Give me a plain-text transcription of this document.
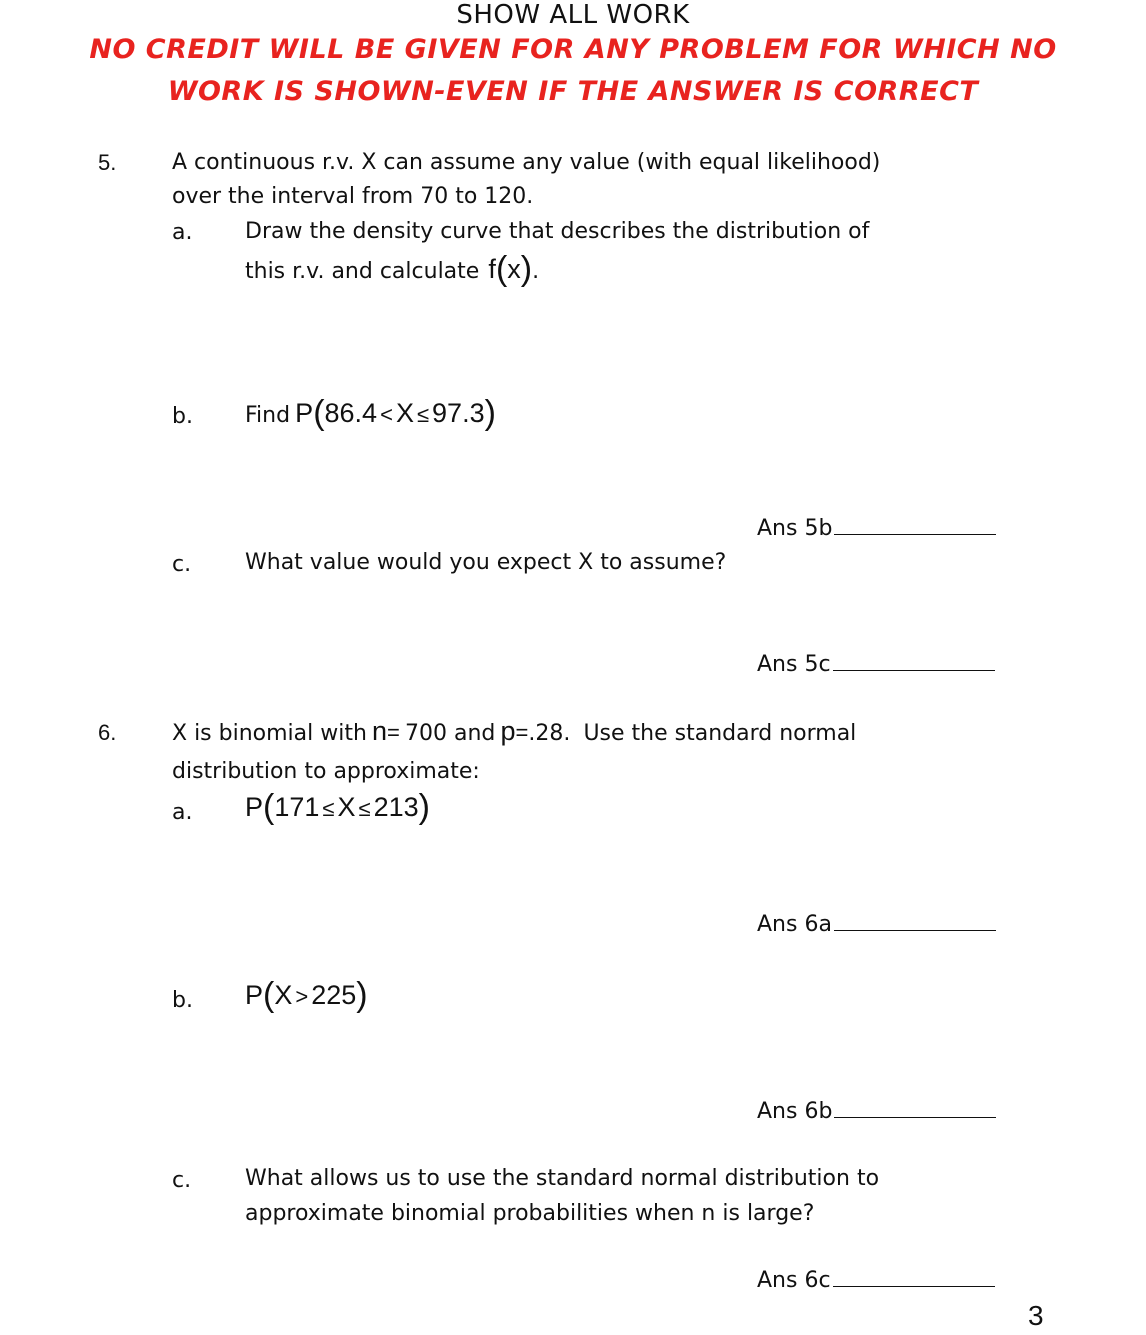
SHOW ALL WORK
NO CREDIT WILL BE GIVEN FOR ANY PROBLEM FOR WHICH NO
WORK IS SHOWN-EVEN IF THE ANSWER IS CORRECT
5.	A continuous r.v. X can assume any value (with equal likelihood)
over the interval from 70 to 120.
a. Draw the density curve that describes the distribution of
this r.v. and calculate f(x).
b. Find P(86.4 < X ≤ 97.3)
Ans 5b
c. What value would you expect X to assume?
Ans 5c
6.	X is binomial with n= 700 and p=.28. Use the standard normal
distribution to approximate:
a. P(171 ≤ X ≤ 213)
Ans 6a
b. P(X > 225)
Ans 6b
c. What allows us to use the standard normal distribution to
approximate binomial probabilities when n is large?
Ans 6c
3
